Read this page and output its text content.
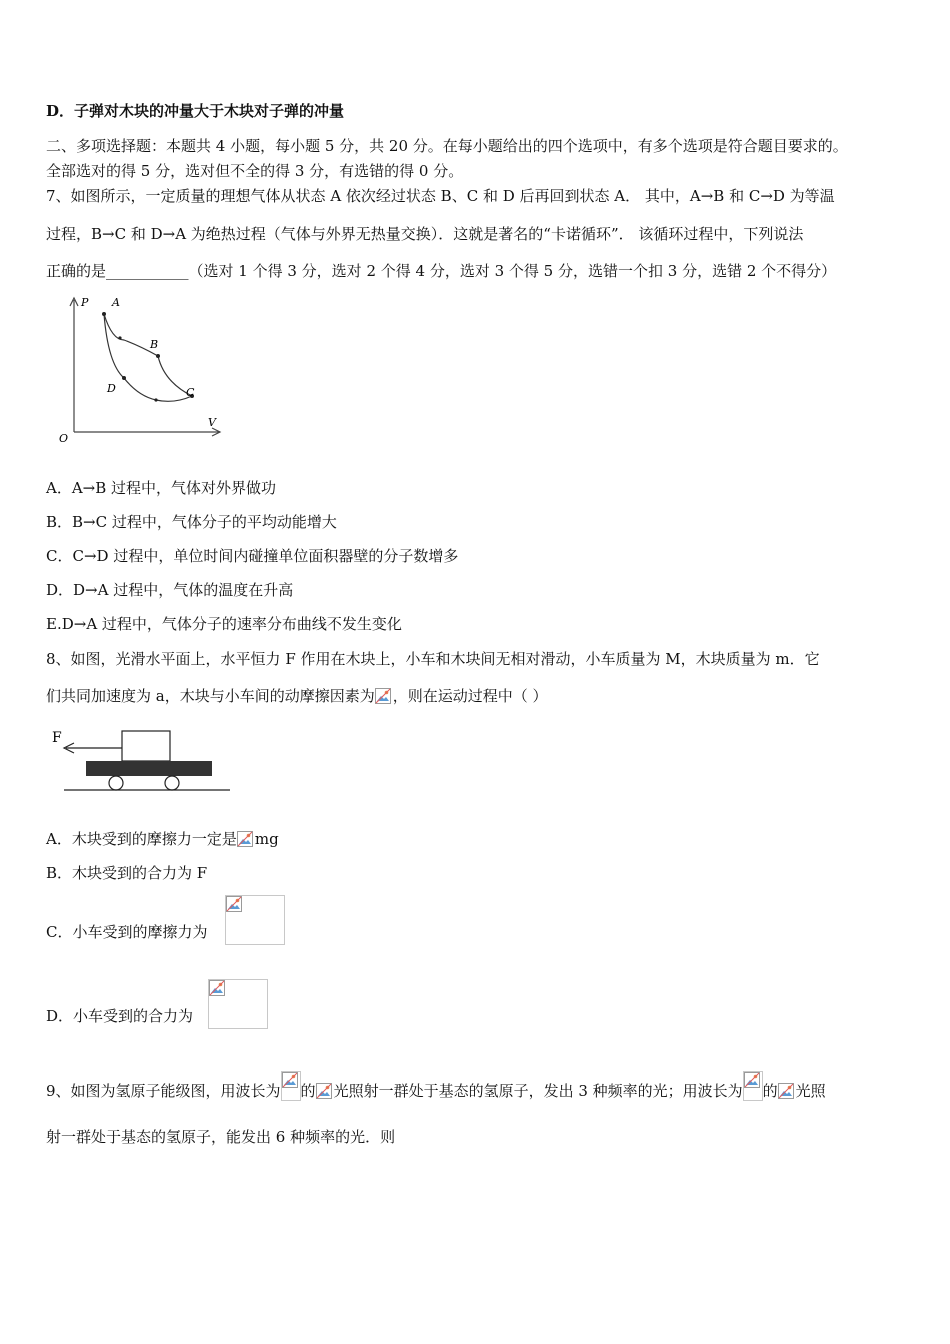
D．子弹对木块的冲量大于木块对子弹的冲量
二、多项选择题：本题共 4 小题，每小题 5 分，共 20 分。在每小题给出的四个选项中，有多个选项是符合题目要求的。
全部选对的得 5 分，选对但不全的得 3 分，有选错的得 0 分。
7、如图所示，一定质量的理想气体从状态 A 依次经过状态 B、C 和 D 后再回到状态 A． 其中，A→B 和 C→D 为等温
过程，B→C 和 D→A 为绝热过程（气体与外界无热量交换）．这就是著名的“卡诺循环”． 该循环过程中，下列说法
正确的是___________（选对 1 个得 3 分，选对 2 个得 4 分，选对 3 个得 5 分，选错一个扣 3 分，选错 2 个不得分）
P
V
O
A
B
C
D
A．A→B 过程中，气体对外界做功
B．B→C 过程中，气体分子的平均动能增大
C．C→D 过程中，单位时间内碰撞单位面积器壁的分子数增多
D．D→A 过程中，气体的温度在升高
E.D→A 过程中，气体分子的速率分布曲线不发生变化
8、如图，光滑水平面上，水平恒力 F 作用在木块上，小车和木块间无相对滑动，小车质量为 M，木块质量为 m．它
们共同加速度为 a，木块与小车间的动摩擦因素为 ，则在运动过程中（ ）
F
A．木块受到的摩擦力一定是 mg
B．木块受到的合力为 F
C．小车受到的摩擦力为
D．小车受到的合力为
9、如图为氢原子能级图，用波长为 的 光照射一群处于基态的氢原子，发出 3 种频率的光；用波长为 的 光照
射一群处于基态的氢原子，能发出 6 种频率的光．则
